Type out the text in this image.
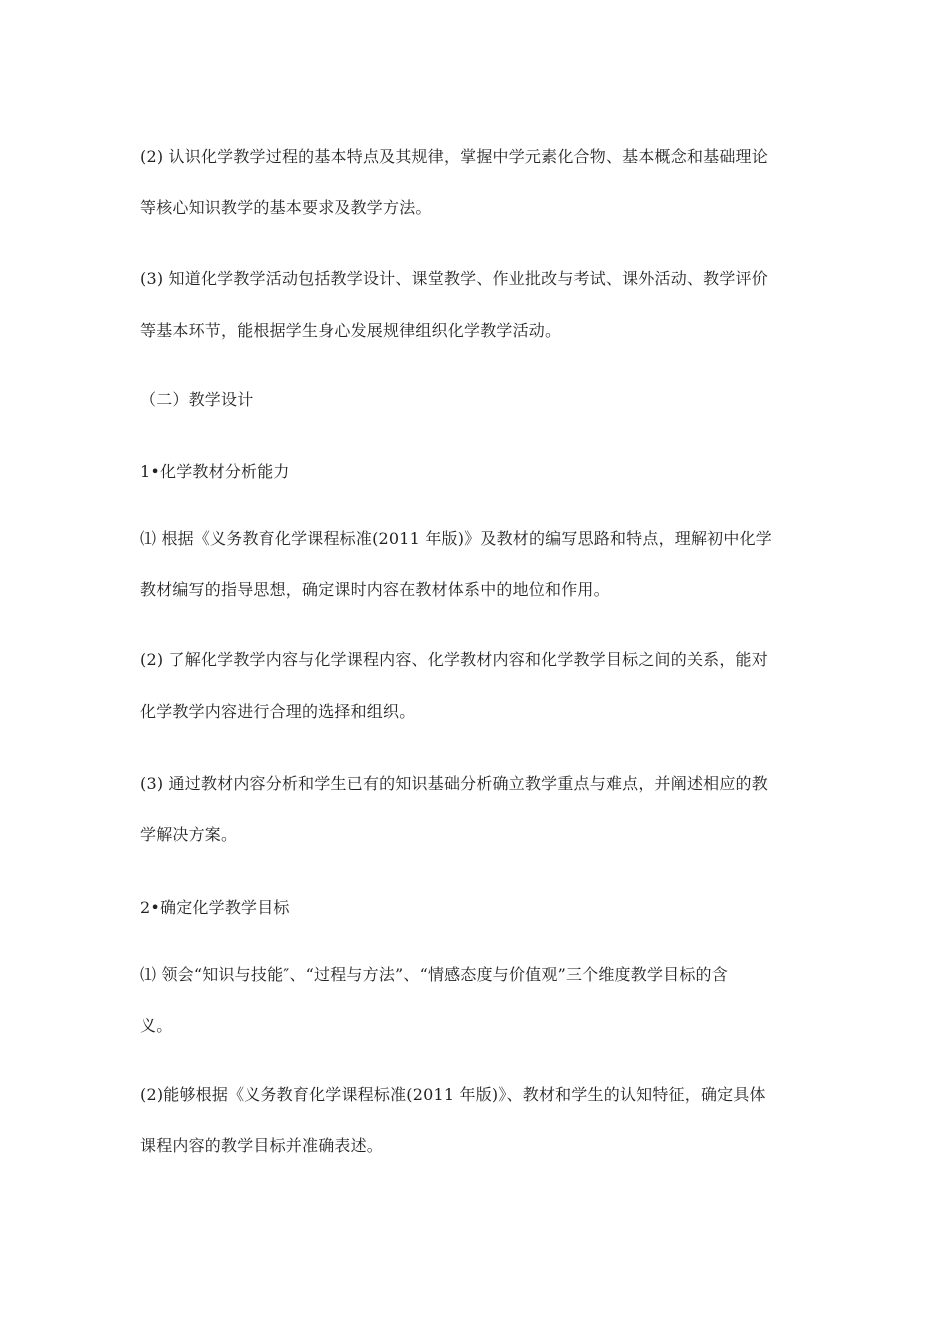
(2) 认识化学教学过程的基本特点及其规律，掌握中学元素化合物、基本概念和基础理论
等核心知识教学的基本要求及教学方法。
(3) 知道化学教学活动包括教学设计、课堂教学、作业批改与考试、课外活动、教学评价
等基本环节，能根据学生身心发展规律组织化学教学活动。
（二）教学设计
1•化学教材分析能力
⑴ 根据《义务教育化学课程标准(2011 年版)》及教材的编写思路和特点，理解初中化学
教材编写的指导思想，确定课时内容在教材体系中的地位和作用。
(2) 了解化学教学内容与化学课程内容、化学教材内容和化学教学目标之间的关系，能对
化学教学内容进行合理的选择和组织。
(3) 通过教材内容分析和学生已有的知识基础分析确立教学重点与难点，并阐述相应的教
学解决方案。
2•确定化学教学目标
⑴ 领会“知识与技能″、“过程与方法”、“情感态度与价值观”三个维度教学目标的含
义。
(2)能够根据《义务教育化学课程标准(2011 年版)》、教材和学生的认知特征，确定具体
课程内容的教学目标并准确表述。
